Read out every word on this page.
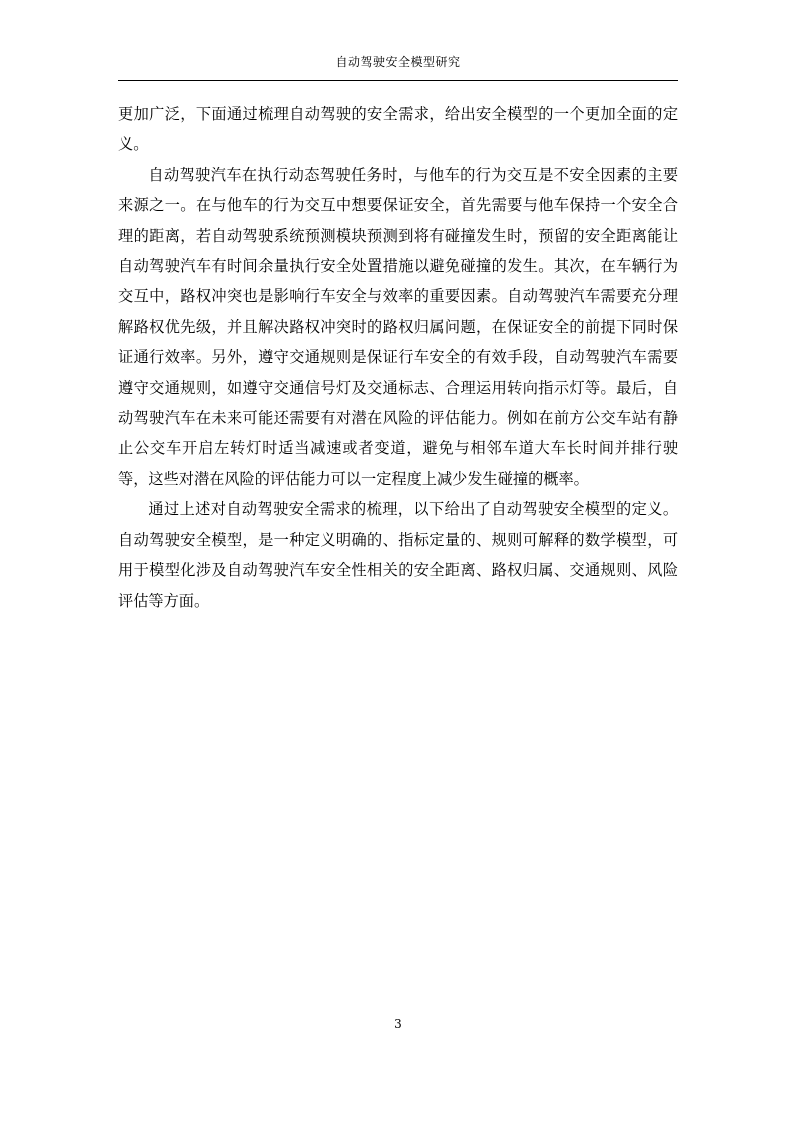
自动驾驶安全模型研究

更加广泛，下面通过梳理自动驾驶的安全需求，给出安全模型的一个更加全面的定义。

自动驾驶汽车在执行动态驾驶任务时，与他车的行为交互是不安全因素的主要来源之一。在与他车的行为交互中想要保证安全，首先需要与他车保持一个安全合理的距离，若自动驾驶系统预测模块预测到将有碰撞发生时，预留的安全距离能让自动驾驶汽车有时间余量执行安全处置措施以避免碰撞的发生。其次，在车辆行为交互中，路权冲突也是影响行车安全与效率的重要因素。自动驾驶汽车需要充分理解路权优先级，并且解决路权冲突时的路权归属问题，在保证安全的前提下同时保证通行效率。另外，遵守交通规则是保证行车安全的有效手段，自动驾驶汽车需要遵守交通规则，如遵守交通信号灯及交通标志、合理运用转向指示灯等。最后，自动驾驶汽车在未来可能还需要有对潜在风险的评估能力。例如在前方公交车站有静止公交车开启左转灯时适当减速或者变道，避免与相邻车道大车长时间并排行驶等，这些对潜在风险的评估能力可以一定程度上减少发生碰撞的概率。

通过上述对自动驾驶安全需求的梳理，以下给出了自动驾驶安全模型的定义。自动驾驶安全模型，是一种定义明确的、指标定量的、规则可解释的数学模型，可用于模型化涉及自动驾驶汽车安全性相关的安全距离、路权归属、交通规则、风险评估等方面。

3
